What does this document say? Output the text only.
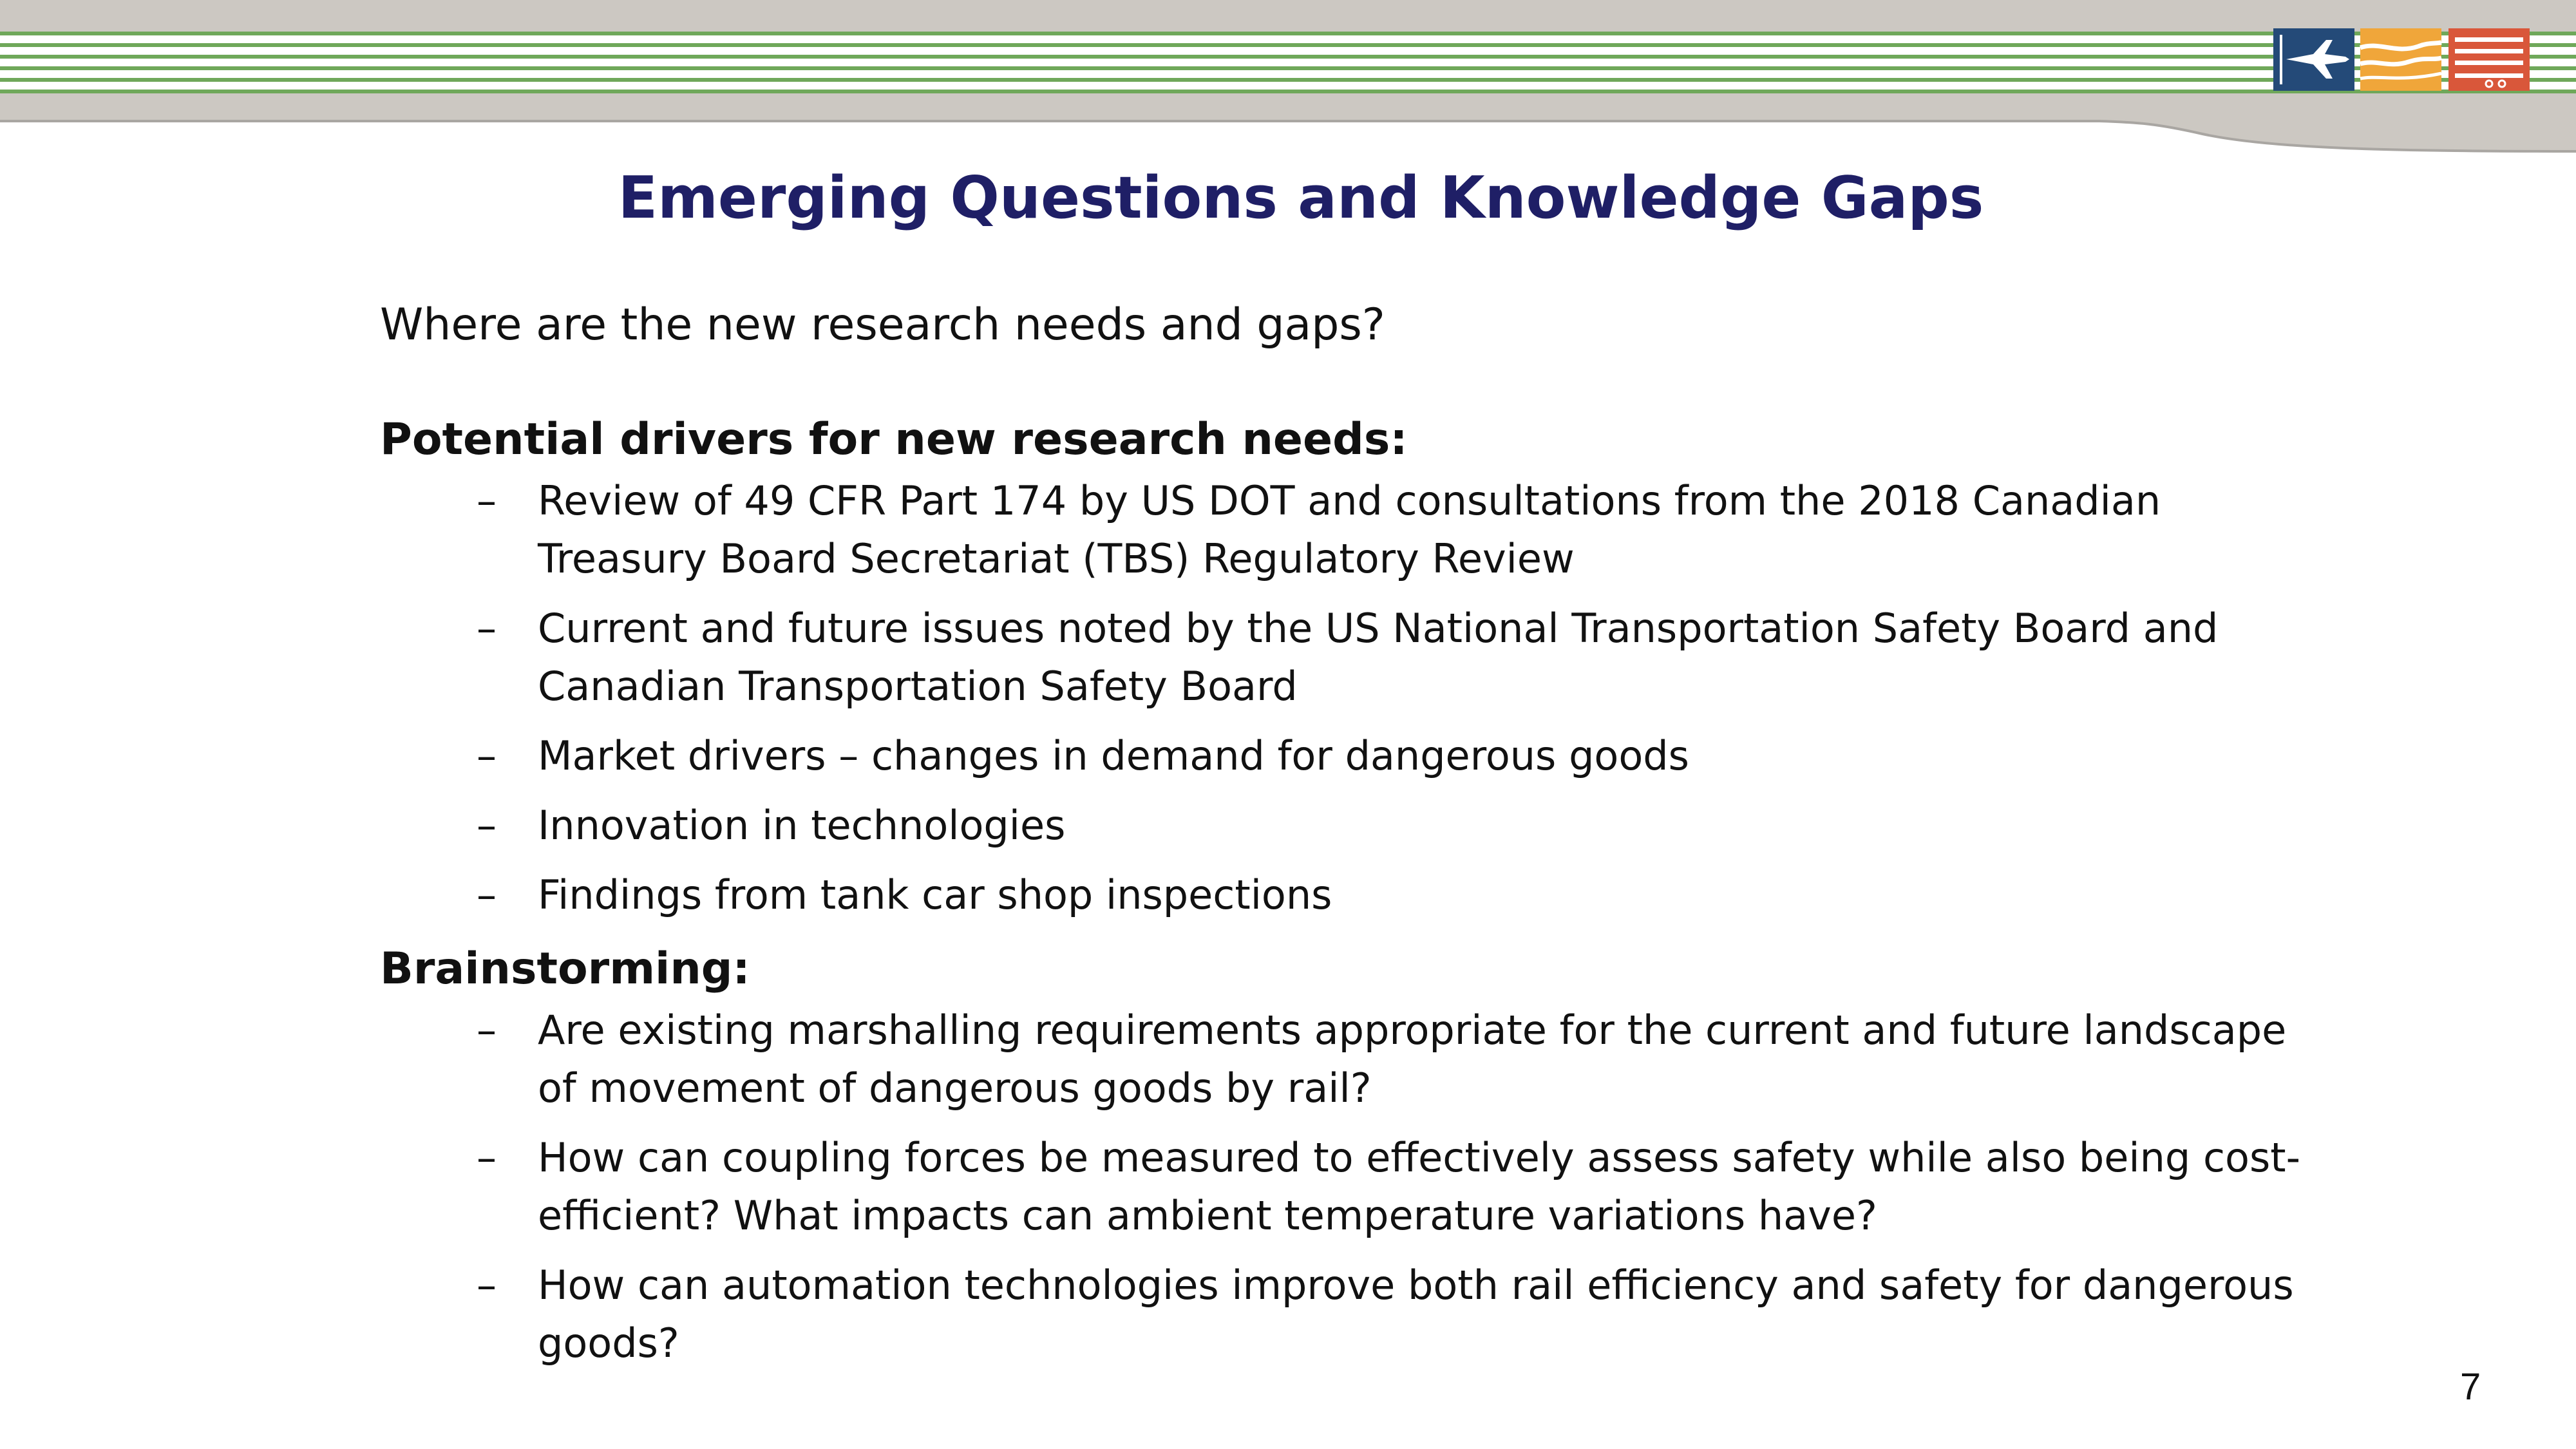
Emerging Questions and Knowledge Gaps

Where are the new research needs and gaps?

Potential drivers for new research needs:

– Review of 49 CFR Part 174 by US DOT and consultations from the 2018 Canadian Treasury Board Secretariat (TBS) Regulatory Review
– Current and future issues noted by the US National Transportation Safety Board and Canadian Transportation Safety Board
– Market drivers – changes in demand for dangerous goods
– Innovation in technologies
– Findings from tank car shop inspections

Brainstorming:

– Are existing marshalling requirements appropriate for the current and future landscape of movement of dangerous goods by rail?
– How can coupling forces be measured to effectively assess safety while also being cost-efficient? What impacts can ambient temperature variations have?
– How can automation technologies improve both rail efficiency and safety for dangerous goods?
7
